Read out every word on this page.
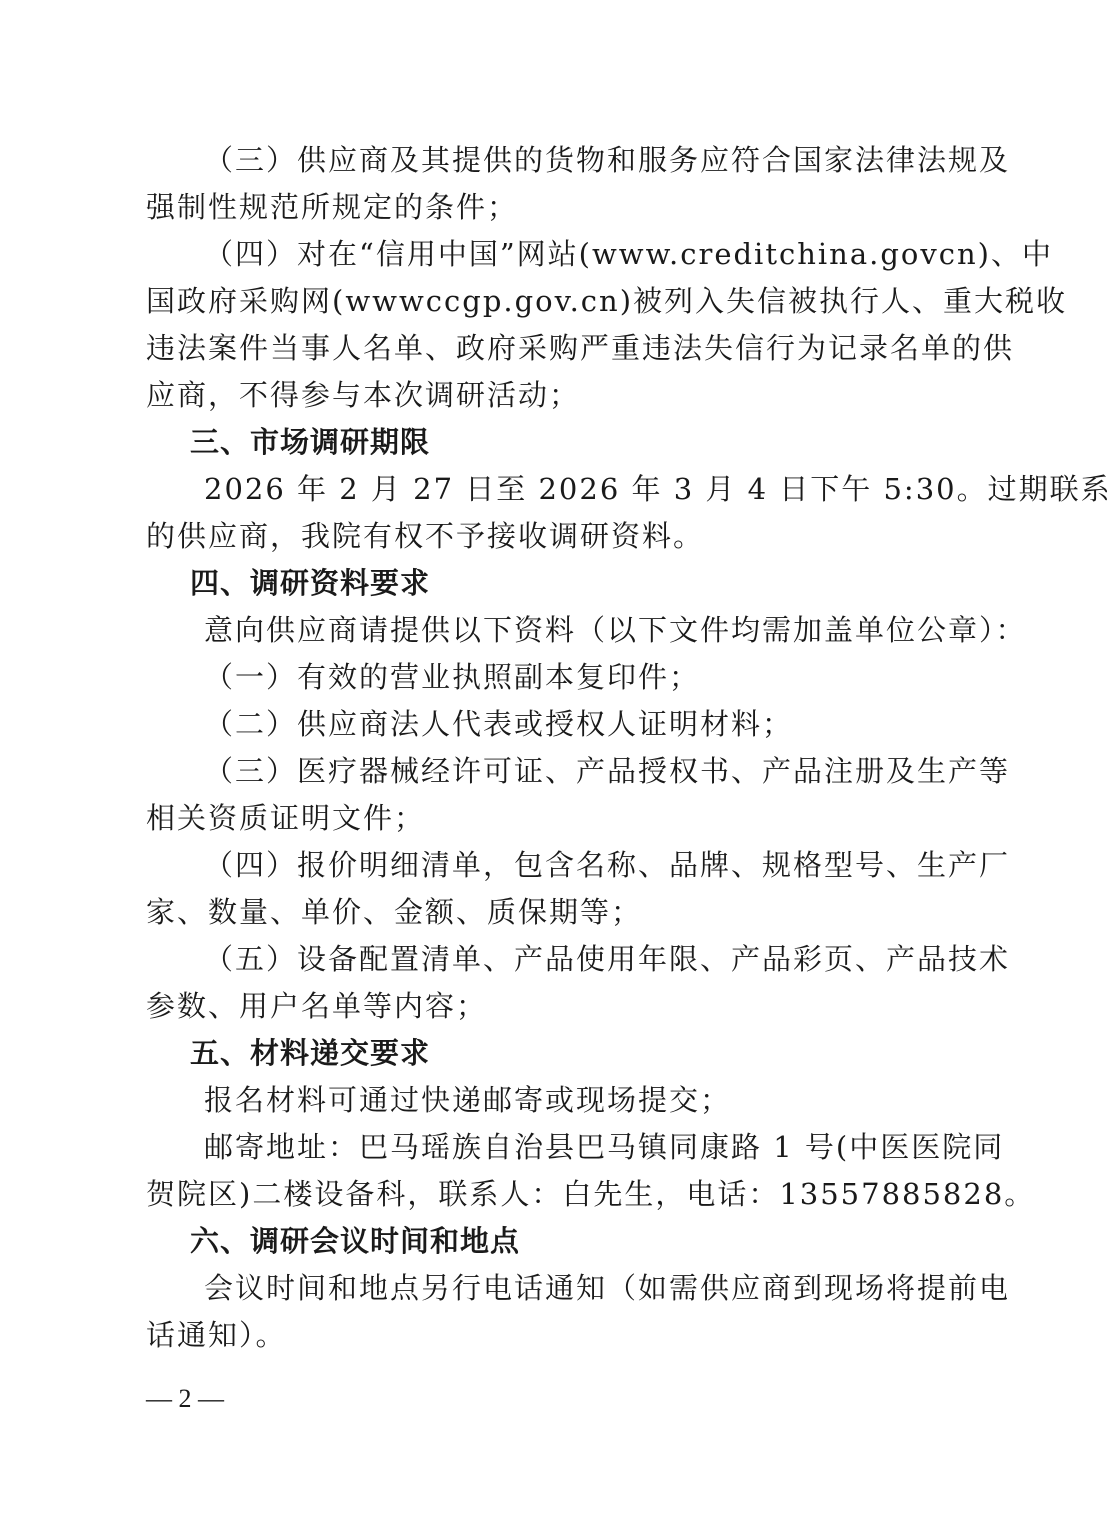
（三）供应商及其提供的货物和服务应符合国家法律法规及
强制性规范所规定的条件；
（四）对在“信用中国”网站(www.creditchina.govcn)、中
国政府采购网(wwwccgp.gov.cn)被列入失信被执行人、重大税收
违法案件当事人名单、政府采购严重违法失信行为记录名单的供
应商，不得参与本次调研活动；
三、市场调研期限
2026 年 2 月 27 日至 2026 年 3 月 4 日下午 5:30。过期联系
的供应商，我院有权不予接收调研资料。
四、调研资料要求
意向供应商请提供以下资料（以下文件均需加盖单位公章）：
（一）有效的营业执照副本复印件；
（二）供应商法人代表或授权人证明材料；
（三）医疗器械经许可证、产品授权书、产品注册及生产等
相关资质证明文件；
（四）报价明细清单，包含名称、品牌、规格型号、生产厂
家、数量、单价、金额、质保期等；
（五）设备配置清单、产品使用年限、产品彩页、产品技术
参数、用户名单等内容；
五、材料递交要求
报名材料可通过快递邮寄或现场提交；
邮寄地址：巴马瑶族自治县巴马镇同康路 1 号(中医医院同
贺院区)二楼设备科，联系人：白先生，电话：13557885828。
六、调研会议时间和地点
会议时间和地点另行电话通知（如需供应商到现场将提前电
话通知）。
— 2 —
